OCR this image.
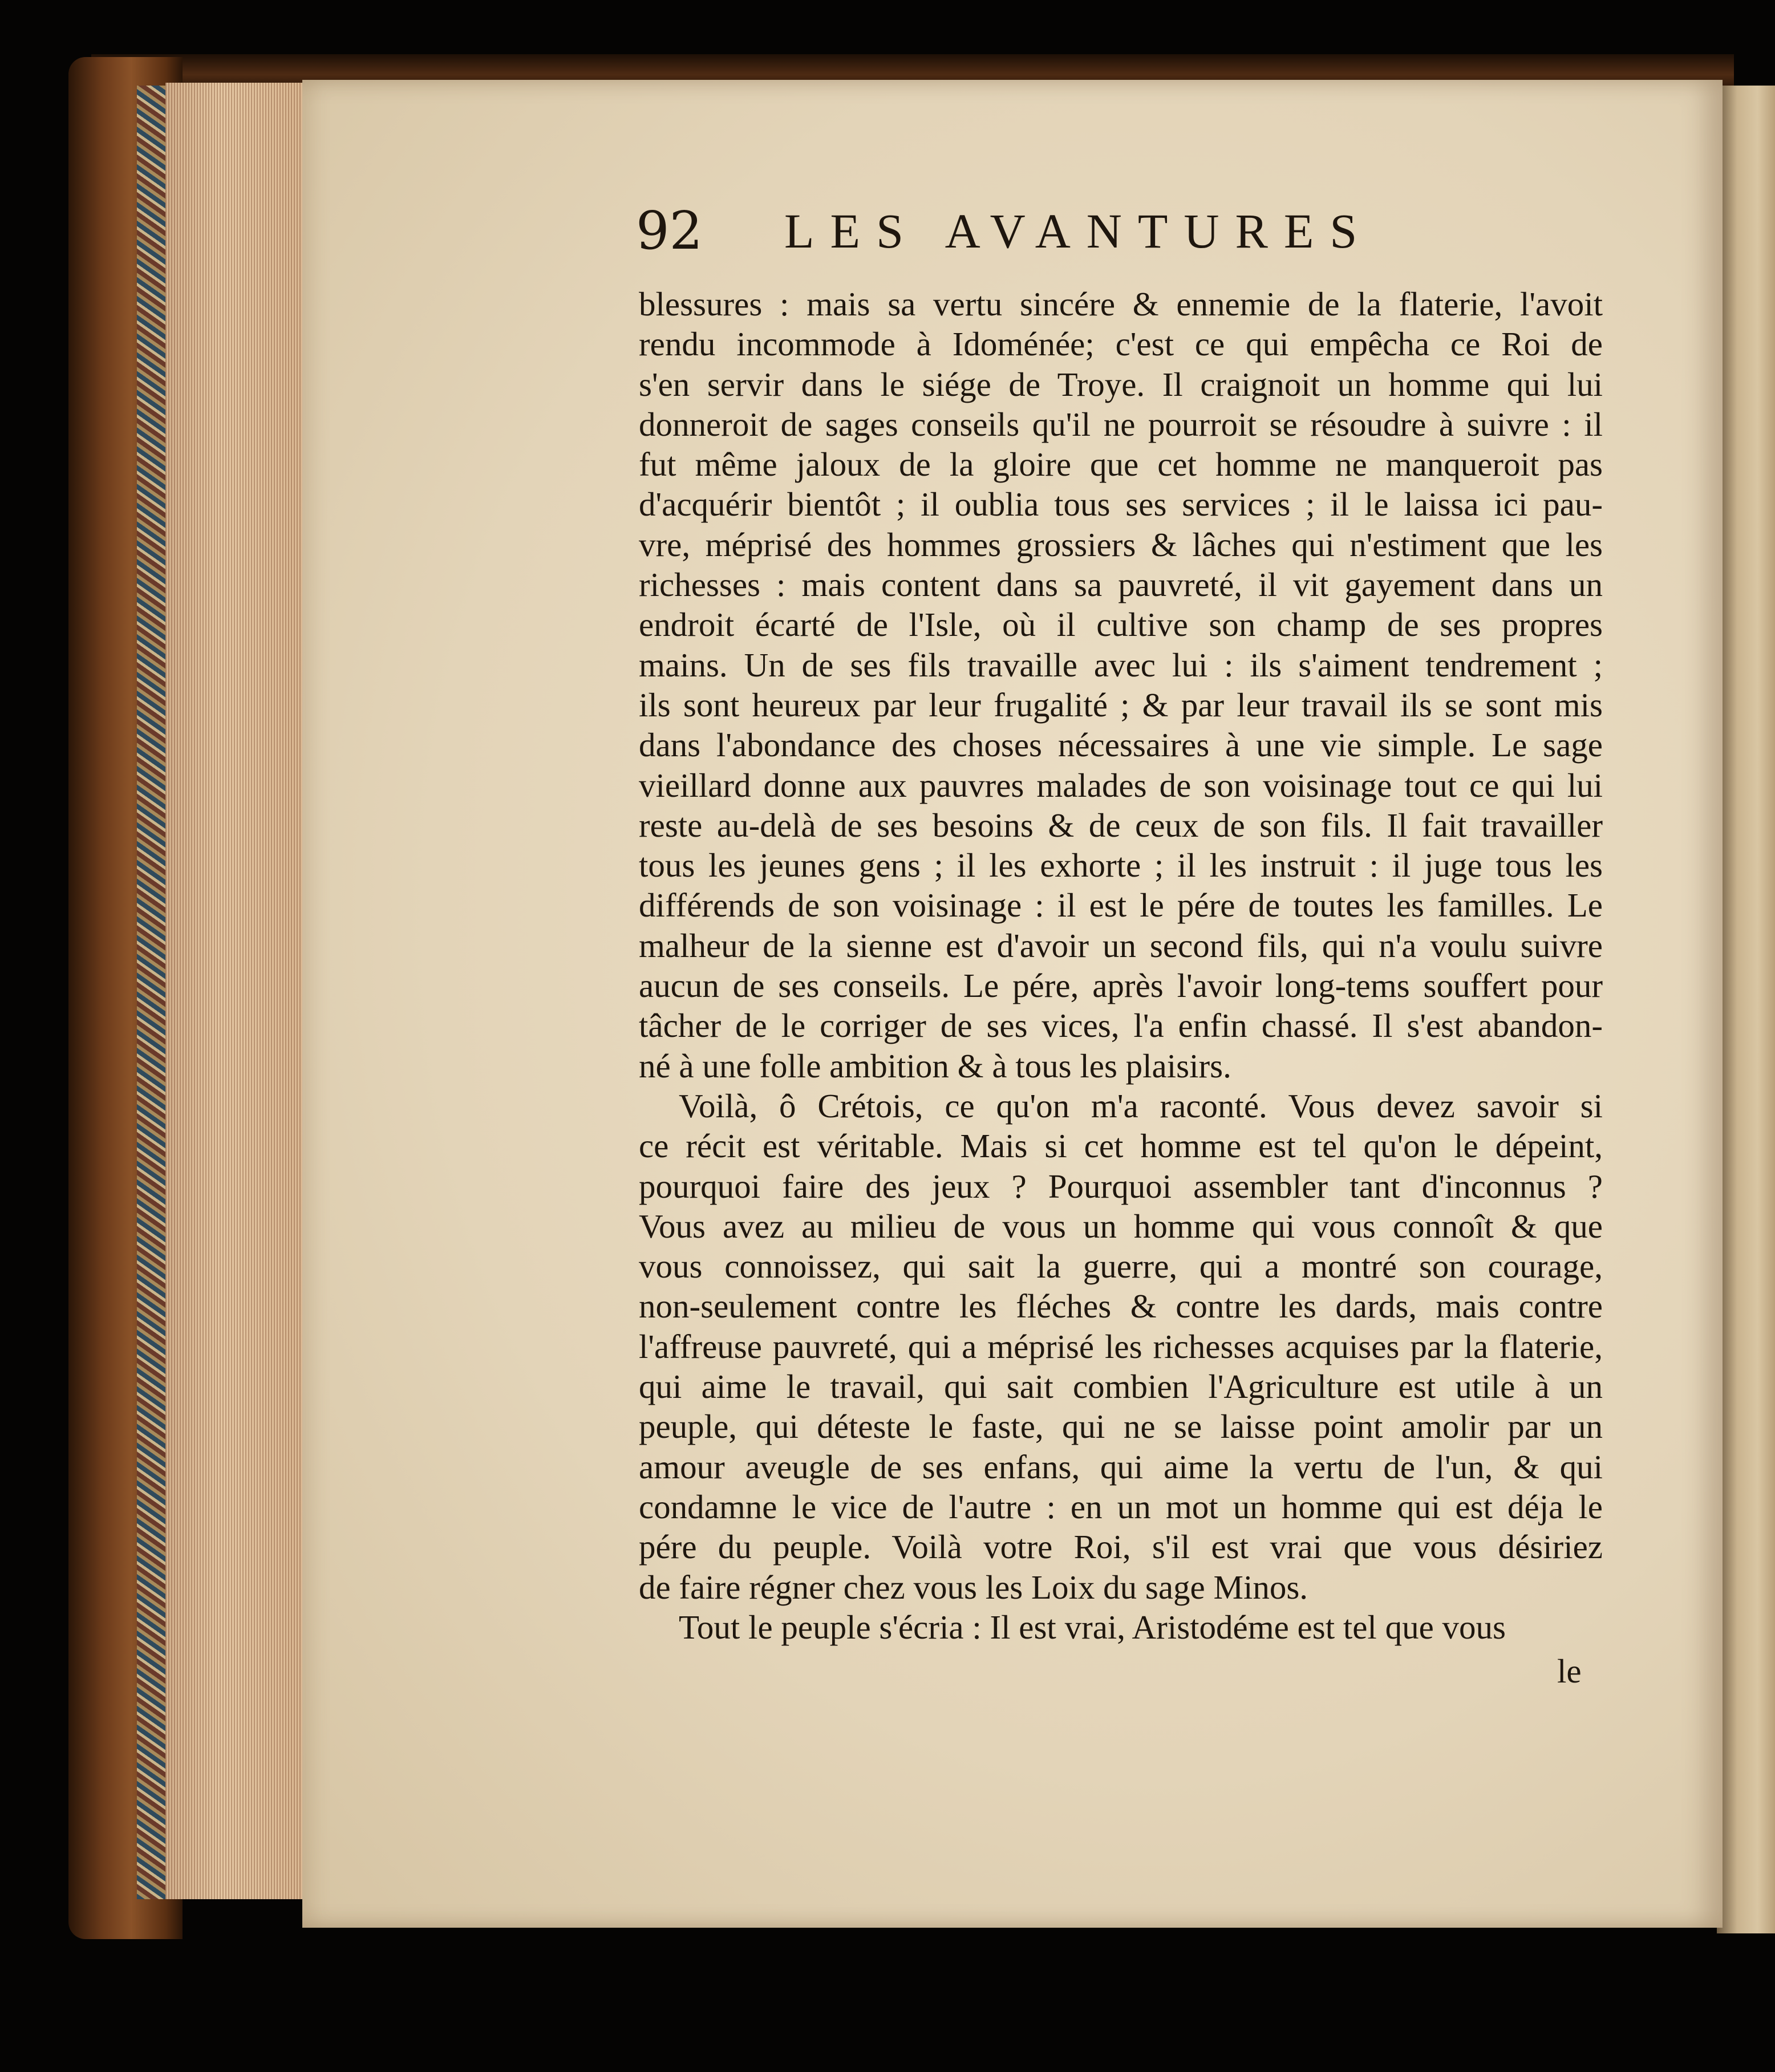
92 LES AVANTURES

blessures : mais sa vertu sincére & ennemie de la flaterie, l'avoit
rendu incommode à Idoménée; c'est ce qui empêcha ce Roi de
s'en servir dans le siége de Troye. Il craignoit un homme qui lui
donneroit de sages conseils qu'il ne pourroit se résoudre à suivre : il
fut même jaloux de la gloire que cet homme ne manqueroit pas
d'acquérir bientôt ; il oublia tous ses services ; il le laissa ici pau-
vre, méprisé des hommes grossiers & lâches qui n'estiment que les
richesses : mais content dans sa pauvreté, il vit gayement dans un
endroit écarté de l'Isle, où il cultive son champ de ses propres
mains. Un de ses fils travaille avec lui : ils s'aiment tendrement ;
ils sont heureux par leur frugalité ; & par leur travail ils se sont mis
dans l'abondance des choses nécessaires à une vie simple. Le sage
vieillard donne aux pauvres malades de son voisinage tout ce qui lui
reste au-delà de ses besoins & de ceux de son fils. Il fait travailler
tous les jeunes gens ; il les exhorte ; il les instruit : il juge tous les
différends de son voisinage : il est le pére de toutes les familles. Le
malheur de la sienne est d'avoir un second fils, qui n'a voulu suivre
aucun de ses conseils. Le pére, après l'avoir long-tems souffert pour
tâcher de le corriger de ses vices, l'a enfin chassé. Il s'est abandon-
né à une folle ambition & à tous les plaisirs.

Voilà, ô Crétois, ce qu'on m'a raconté. Vous devez savoir si
ce récit est véritable. Mais si cet homme est tel qu'on le dépeint,
pourquoi faire des jeux ? Pourquoi assembler tant d'inconnus ?
Vous avez au milieu de vous un homme qui vous connoît & que
vous connoissez, qui sait la guerre, qui a montré son courage,
non-seulement contre les fléches & contre les dards, mais contre
l'affreuse pauvreté, qui a méprisé les richesses acquises par la flaterie,
qui aime le travail, qui sait combien l'Agriculture est utile à un
peuple, qui déteste le faste, qui ne se laisse point amolir par un
amour aveugle de ses enfans, qui aime la vertu de l'un, & qui
condamne le vice de l'autre : en un mot un homme qui est déja le
pére du peuple. Voilà votre Roi, s'il est vrai que vous désiriez
de faire régner chez vous les Loix du sage Minos.

Tout le peuple s'écria : Il est vrai, Aristodéme est tel que vous

le
